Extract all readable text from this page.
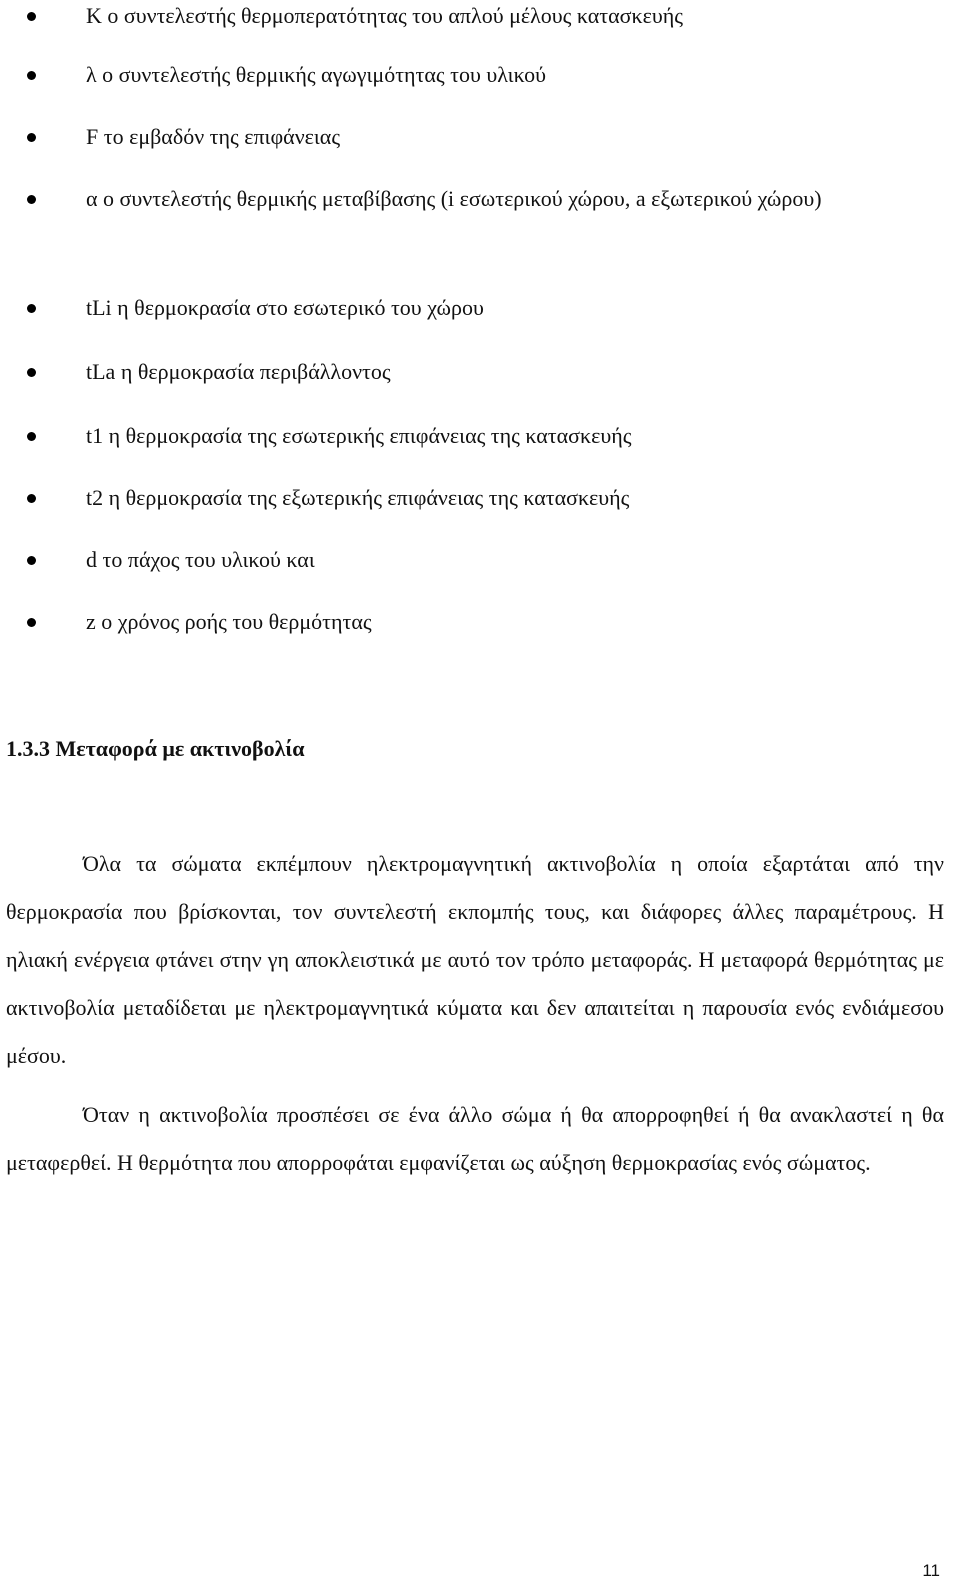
K ο συντελεστής θερμοπερατότητας του απλού μέλους κατασκευής
λ ο συντελεστής θερμικής αγωγιμότητας του υλικού
F το εμβαδόν της επιφάνειας
α ο συντελεστής θερμικής μεταβίβασης (i εσωτερικού χώρου, a εξωτερικού χώρου)
tLi η θερμοκρασία στο εσωτερικό του χώρου
tLa η θερμοκρασία περιβάλλοντος
t1 η θερμοκρασία της εσωτερικής επιφάνειας της κατασκευής
t2 η θερμοκρασία της εξωτερικής επιφάνειας της κατασκευής
d το πάχος του υλικού και
z ο χρόνος ροής του θερμότητας
1.3.3 Μεταφορά με ακτινοβολία

Όλα τα σώματα εκπέμπουν ηλεκτρομαγνητική ακτινοβολία η οποία εξαρτάται από την θερμοκρασία που βρίσκονται, τον συντελεστή εκπομπής τους, και διάφορες άλλες παραμέτρους. Η ηλιακή ενέργεια φτάνει στην γη αποκλειστικά με αυτό τον τρόπο μεταφοράς. Η μεταφορά θερμότητας με ακτινοβολία μεταδίδεται με ηλεκτρομαγνητικά κύματα και δεν απαιτείται η παρουσία ενός ενδιάμεσου μέσου.

Όταν η ακτινοβολία προσπέσει σε ένα άλλο σώμα ή θα απορροφηθεί ή θα ανακλαστεί η θα μεταφερθεί. Η θερμότητα που απορροφάται εμφανίζεται ως αύξηση θερμοκρασίας ενός σώματος.

11
